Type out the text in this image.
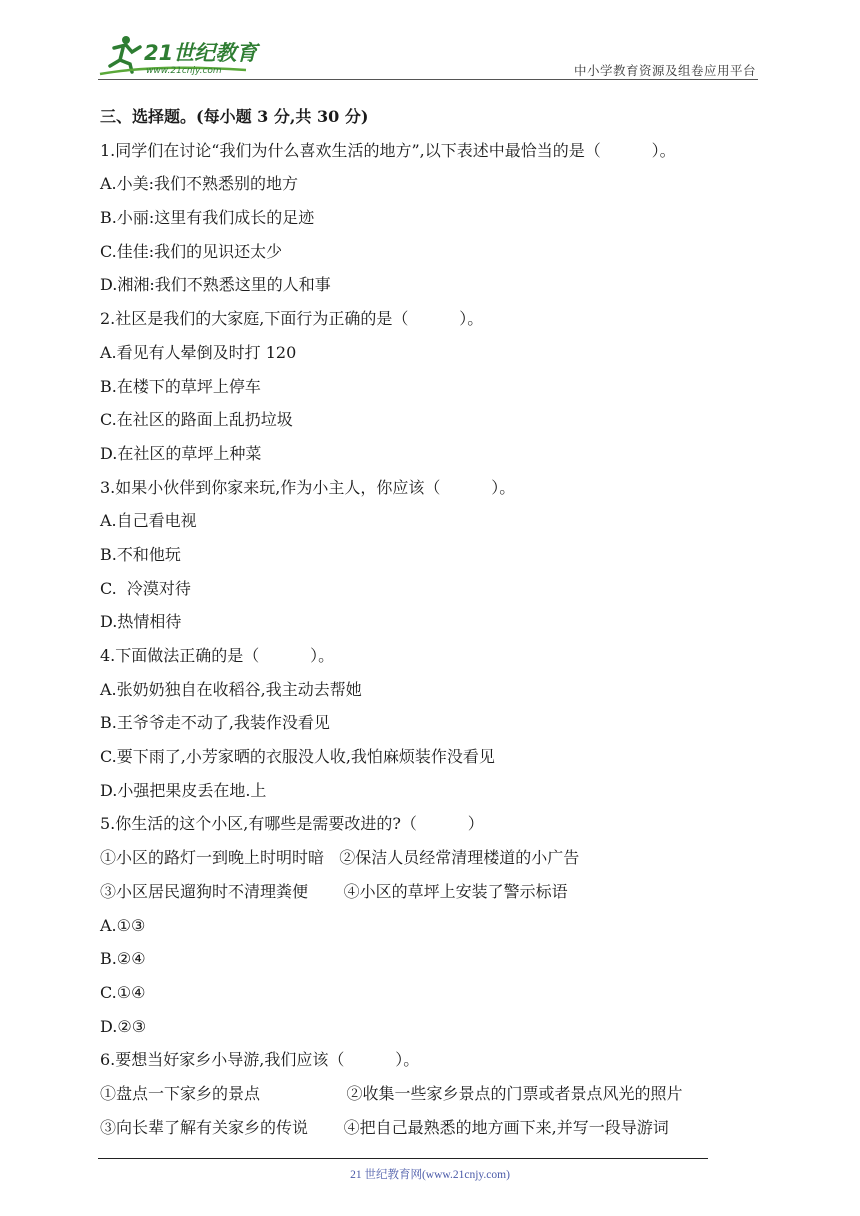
21世纪教育
www.21cnjy.com	中小学教育资源及组卷应用平台
三、选择题。(每小题 3 分,共 30 分)
1.同学们在讨论“我们为什么喜欢生活的地方”,以下表述中最恰当的是（          ）。
A.小美:我们不熟悉别的地方
B.小丽:这里有我们成长的足迹
C.佳佳:我们的见识还太少
D.湘湘:我们不熟悉这里的人和事
2.社区是我们的大家庭,下面行为正确的是（          ）。
A.看见有人晕倒及时打 120
B.在楼下的草坪上停车
C.在社区的路面上乱扔垃圾
D.在社区的草坪上种菜
3.如果小伙伴到你家来玩,作为小主人，你应该（          ）。
A.自己看电视
B.不和他玩
C.  冷漠对待
D.热情相待
4.下面做法正确的是（          ）。
A.张奶奶独自在收稻谷,我主动去帮她
B.王爷爷走不动了,我装作没看见
C.要下雨了,小芳家晒的衣服没人收,我怕麻烦装作没看见
D.小强把果皮丢在地.上
5.你生活的这个小区,有哪些是需要改进的?（          ）
①小区的路灯一到晚上时明时暗   ②保洁人员经常清理楼道的小广告
③小区居民遛狗时不清理粪便       ④小区的草坪上安装了警示标语
A.①③
B.②④
C.①④
D.②③
6.要想当好家乡小导游,我们应该（          ）。
①盘点一下家乡的景点                 ②收集一些家乡景点的门票或者景点风光的照片
③向长辈了解有关家乡的传说       ④把自己最熟悉的地方画下来,并写一段导游词
21 世纪教育网(www.21cnjy.com)
